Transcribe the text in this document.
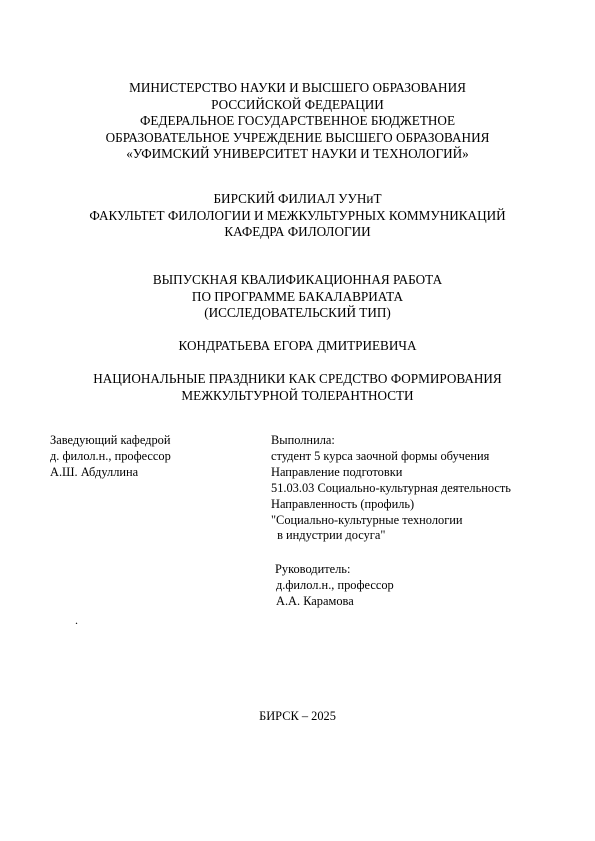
МИНИСТЕРСТВО НАУКИ И ВЫСШЕГО ОБРАЗОВАНИЯ
РОССИЙСКОЙ ФЕДЕРАЦИИ
ФЕДЕРАЛЬНОЕ ГОСУДАРСТВЕННОЕ БЮДЖЕТНОЕ
ОБРАЗОВАТЕЛЬНОЕ УЧРЕЖДЕНИЕ ВЫСШЕГО ОБРАЗОВАНИЯ
«УФИМСКИЙ УНИВЕРСИТЕТ НАУКИ И ТЕХНОЛОГИЙ»
БИРСКИЙ ФИЛИАЛ УУНиТ
ФАКУЛЬТЕТ ФИЛОЛОГИИ И МЕЖКУЛЬТУРНЫХ КОММУНИКАЦИЙ
КАФЕДРА ФИЛОЛОГИИ
ВЫПУСКНАЯ КВАЛИФИКАЦИОННАЯ РАБОТА
ПО ПРОГРАММЕ БАКАЛАВРИАТА
(ИССЛЕДОВАТЕЛЬСКИЙ ТИП)
КОНДРАТЬЕВА ЕГОРА ДМИТРИЕВИЧА
НАЦИОНАЛЬНЫЕ ПРАЗДНИКИ КАК СРЕДСТВО ФОРМИРОВАНИЯ
МЕЖКУЛЬТУРНОЙ ТОЛЕРАНТНОСТИ
Заведующий кафедрой
д. филол.н., профессор
А.Ш. Абдуллина
Выполнила:
студент 5 курса заочной формы обучения
Направление подготовки
51.03.03 Социально-культурная деятельность
Направленность (профиль)
"Социально-культурные технологии
в индустрии досуга"
Руководитель:
д.филол.н., профессор
А.А. Карамова
.
БИРСК – 2025
